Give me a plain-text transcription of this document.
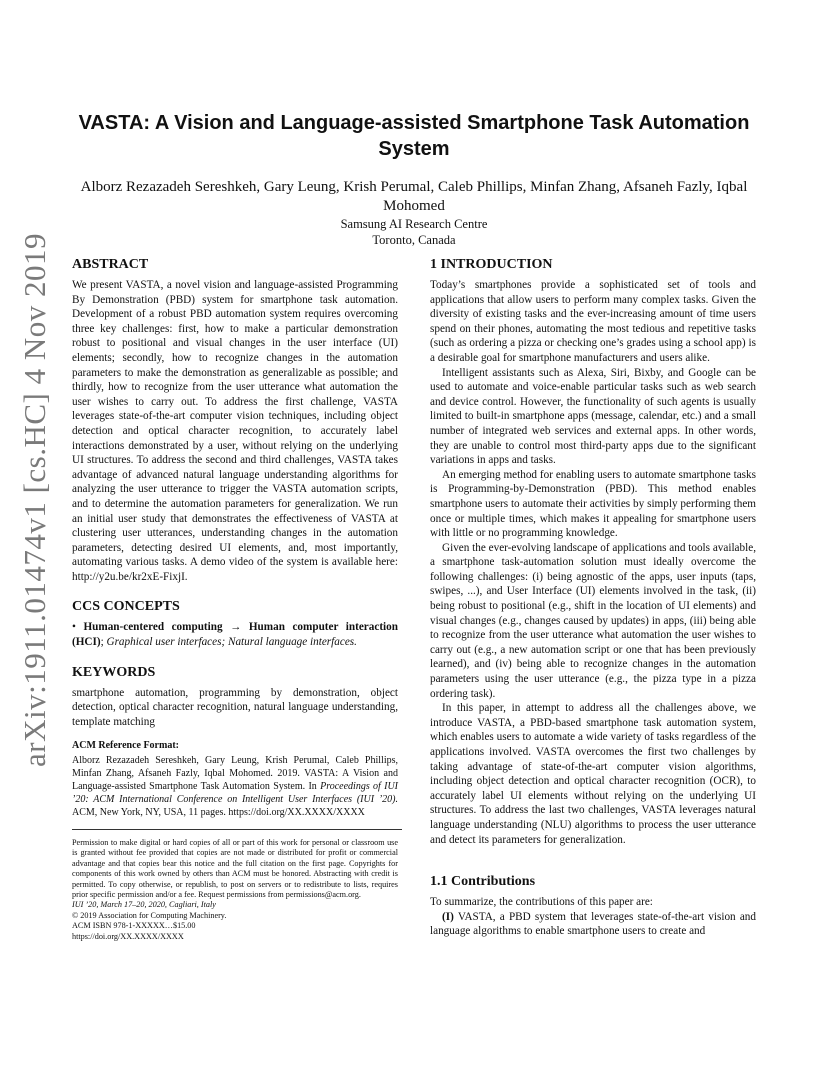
arXiv:1911.01474v1 [cs.HC] 4 Nov 2019
VASTA: A Vision and Language-assisted Smartphone Task Automation System
Alborz Rezazadeh Sereshkeh, Gary Leung, Krish Perumal, Caleb Phillips, Minfan Zhang, Afsaneh Fazly, Iqbal Mohomed
Samsung AI Research Centre
Toronto, Canada
ABSTRACT

We present VASTA, a novel vision and language-assisted Programming By Demonstration (PBD) system for smartphone task automation. Development of a robust PBD automation system requires overcoming three key challenges: first, how to make a particular demonstration robust to positional and visual changes in the user interface (UI) elements; secondly, how to recognize changes in the automation parameters to make the demonstration as generalizable as possible; and thirdly, how to recognize from the user utterance what automation the user wishes to carry out. To address the first challenge, VASTA leverages state-of-the-art computer vision techniques, including object detection and optical character recognition, to accurately label interactions demonstrated by a user, without relying on the underlying UI structures. To address the second and third challenges, VASTA takes advantage of advanced natural language understanding algorithms for analyzing the user utterance to trigger the VASTA automation scripts, and to determine the automation parameters for generalization. We run an initial user study that demonstrates the effectiveness of VASTA at clustering user utterances, understanding changes in the automation parameters, detecting desired UI elements, and, most importantly, automating various tasks. A demo video of the system is available here: http://y2u.be/kr2xE-FixjI.

CCS CONCEPTS

• Human-centered computing → Human computer interaction (HCI); Graphical user interfaces; Natural language interfaces.

KEYWORDS

smartphone automation, programming by demonstration, object detection, optical character recognition, natural language understanding, template matching

ACM Reference Format:
Alborz Rezazadeh Sereshkeh, Gary Leung, Krish Perumal, Caleb Phillips, Minfan Zhang, Afsaneh Fazly, Iqbal Mohomed. 2019. VASTA: A Vision and Language-assisted Smartphone Task Automation System. In Proceedings of IUI ’20: ACM International Conference on Intelligent User Interfaces (IUI ’20). ACM, New York, NY, USA, 11 pages. https://doi.org/XX.XXXX/XXXX
Permission to make digital or hard copies of all or part of this work for personal or classroom use is granted without fee provided that copies are not made or distributed for profit or commercial advantage and that copies bear this notice and the full citation on the first page. Copyrights for components of this work owned by others than ACM must be honored. Abstracting with credit is permitted. To copy otherwise, or republish, to post on servers or to redistribute to lists, requires prior specific permission and/or a fee. Request permissions from permissions@acm.org.
IUI ’20, March 17–20, 2020, Cagliari, Italy
© 2019 Association for Computing Machinery.
ACM ISBN 978-1-XXXXX…$15.00
https://doi.org/XX.XXXX/XXXX
1 INTRODUCTION

Today’s smartphones provide a sophisticated set of tools and applications that allow users to perform many complex tasks. Given the diversity of existing tasks and the ever-increasing amount of time users spend on their phones, automating the most tedious and repetitive tasks (such as ordering a pizza or checking one’s grades using a school app) is a desirable goal for smartphone manufacturers and users alike.

Intelligent assistants such as Alexa, Siri, Bixby, and Google can be used to automate and voice-enable particular tasks such as web search and device control. However, the functionality of such agents is usually limited to built-in smartphone apps (message, calendar, etc.) and a small number of integrated web services and external apps. In other words, they are unable to control most third-party apps due to the significant variations in apps and tasks.

An emerging method for enabling users to automate smartphone tasks is Programming-by-Demonstration (PBD). This method enables smartphone users to automate their activities by simply performing them once or multiple times, which makes it appealing for smartphone users with little or no programming knowledge.

Given the ever-evolving landscape of applications and tools available, a smartphone task-automation solution must ideally overcome the following challenges: (i) being agnostic of the apps, user inputs (taps, swipes, ...), and User Interface (UI) elements involved in the task, (ii) being robust to positional (e.g., shift in the location of UI elements) and visual changes (e.g., changes caused by updates) in apps, (iii) being able to recognize from the user utterance what automation the user wishes to carry out (e.g., a new automation script or one that has been previously learned), and (iv) being able to recognize changes in the automation parameters using the user utterance (e.g., the pizza type in a pizza ordering task).

In this paper, in attempt to address all the challenges above, we introduce VASTA, a PBD-based smartphone task automation system, which enables users to automate a wide variety of tasks regardless of the applications involved. VASTA overcomes the first two challenges by taking advantage of state-of-the-art computer vision algorithms, including object detection and optical character recognition (OCR), to accurately label UI elements without relying on the underlying UI structures. To address the last two challenges, VASTA leverages natural language understanding (NLU) algorithms to process the user utterance and detect its parameters for generalization.

1.1 Contributions

To summarize, the contributions of this paper are:

(I) VASTA, a PBD system that leverages state-of-the-art vision and language algorithms to enable smartphone users to create and
